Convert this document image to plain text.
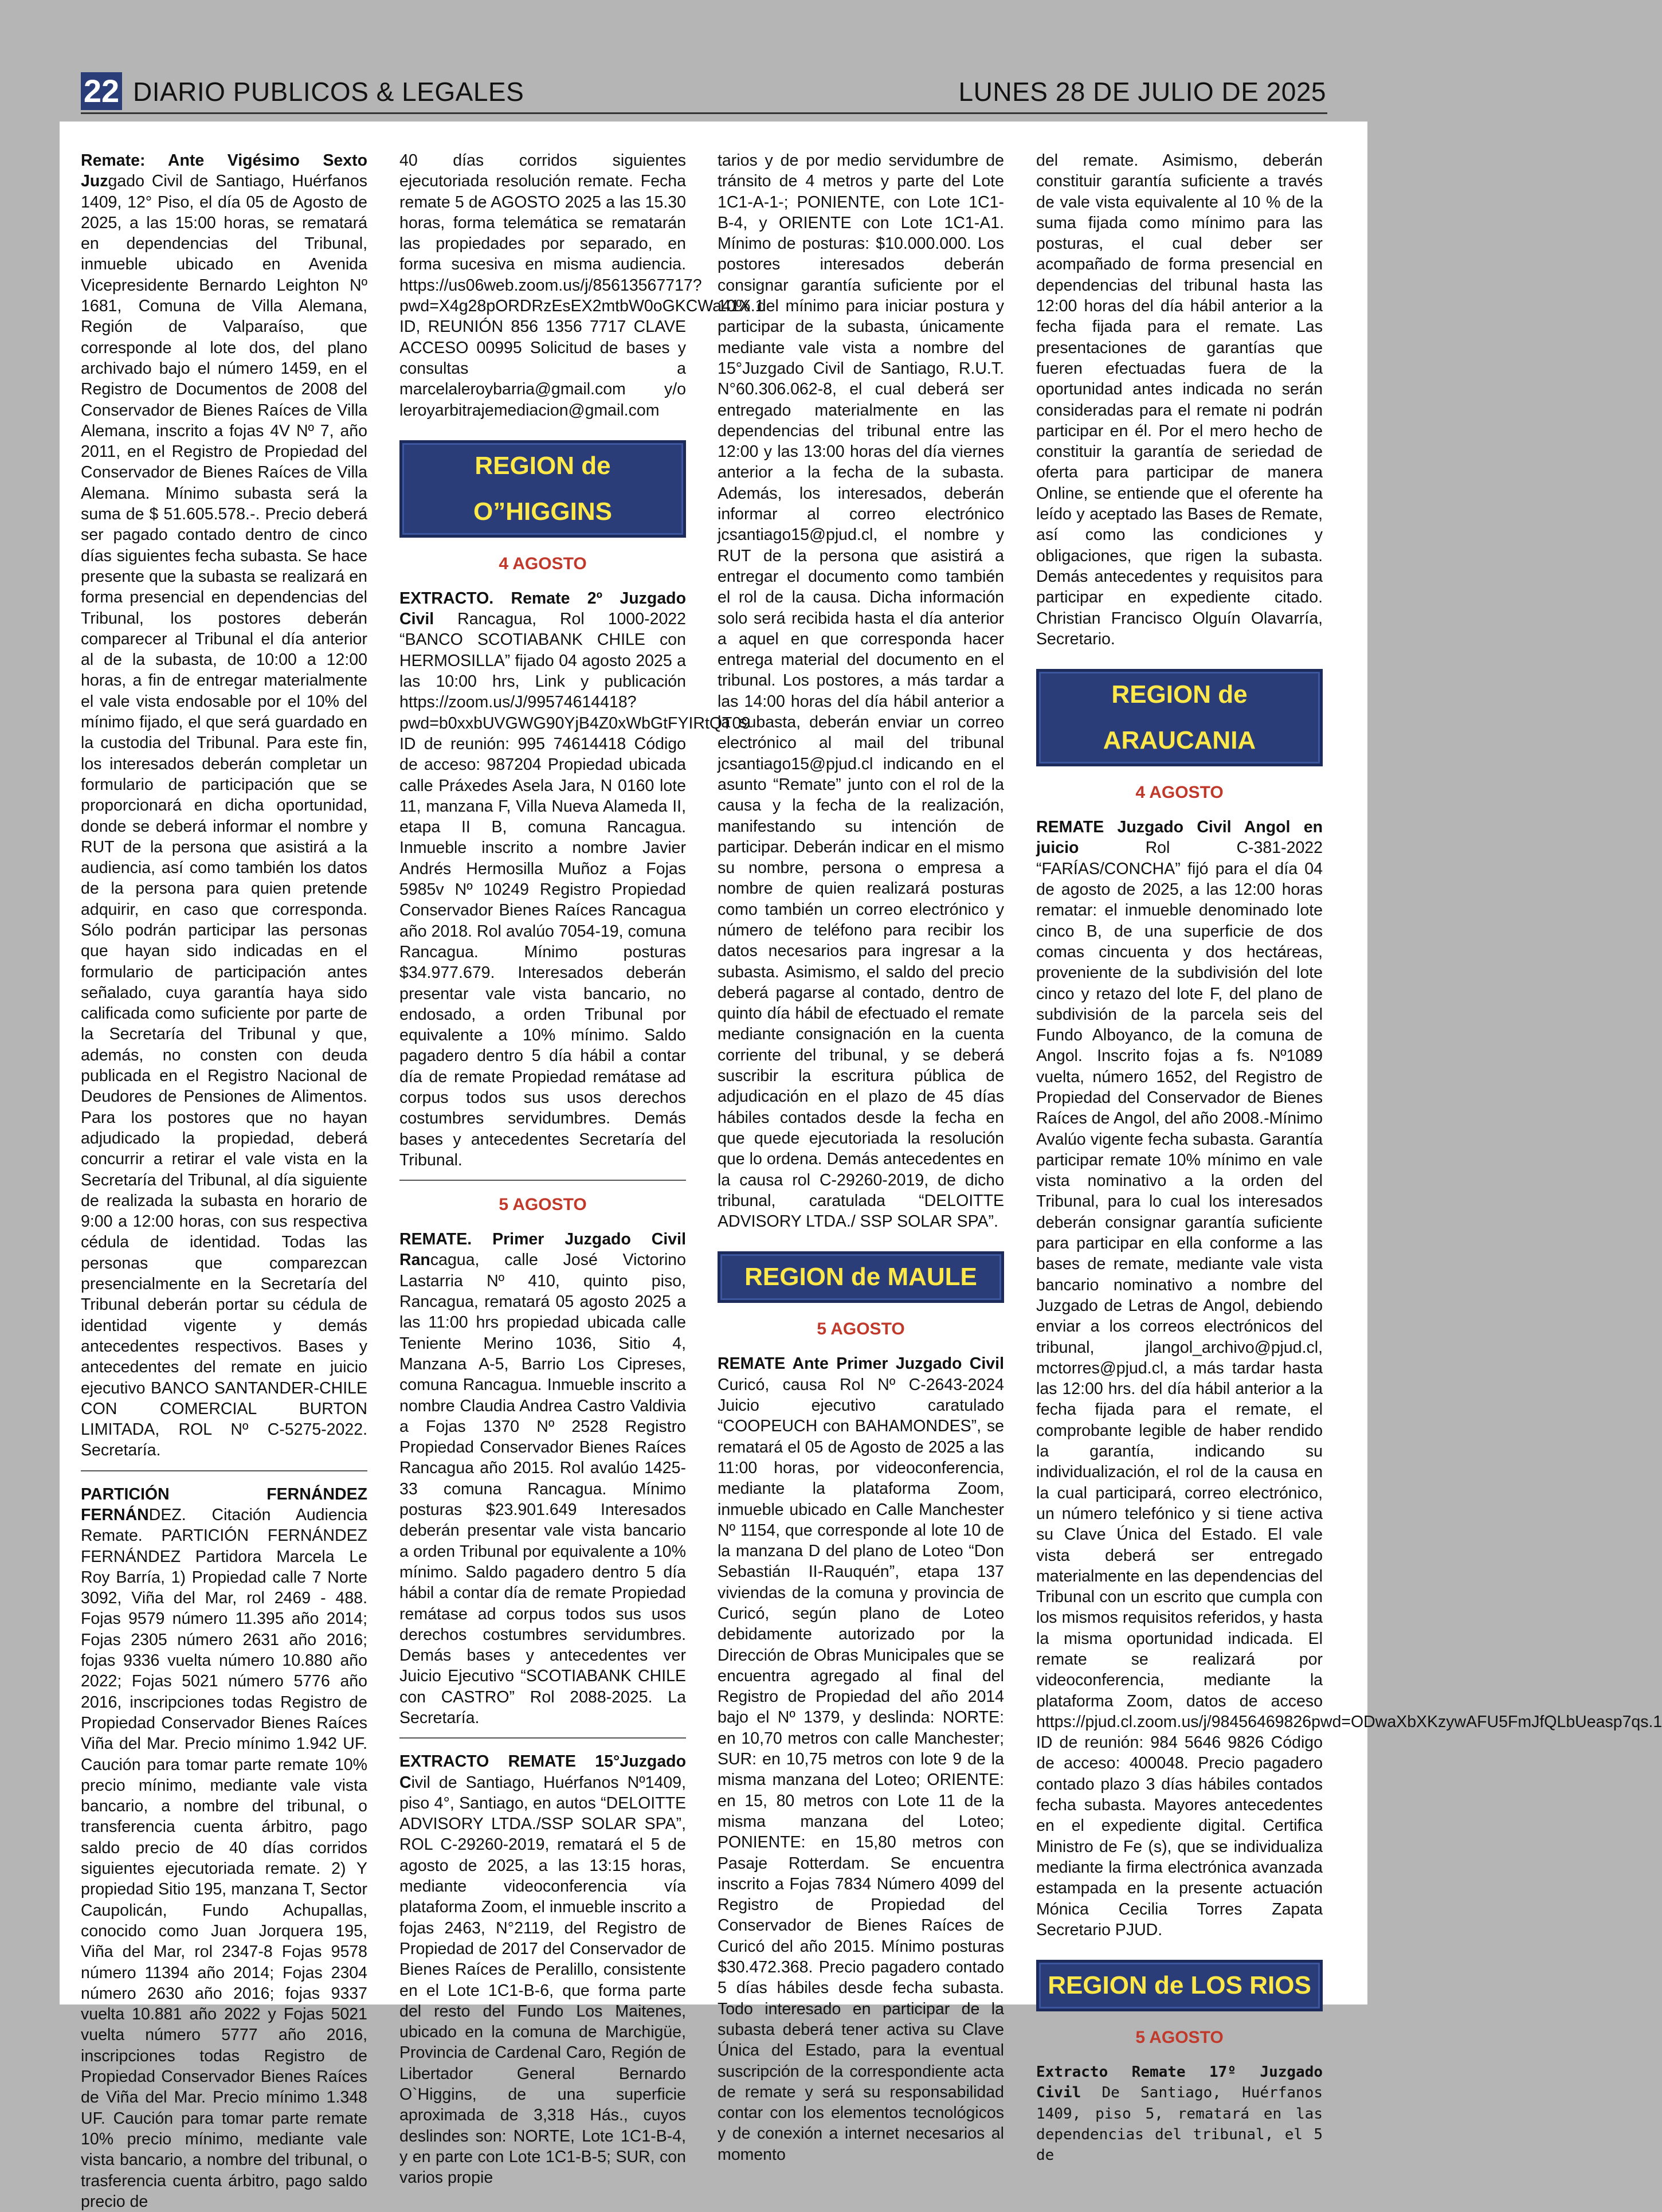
22 DIARIO PUBLICOS & LEGALES	LUNES 28 DE JULIO DE 2025

Remate: Ante Vigésimo Sexto Juzgado Civil de Santiago, Huérfanos 1409, 12° Piso, el día 05 de Agosto de 2025, a las 15:00 horas, se rematará en dependencias del Tribunal, inmueble ubicado en Avenida Vicepresidente Bernardo Leighton Nº 1681, Comuna de Villa Alemana, Región de Valparaíso, que corresponde al lote dos, del plano archivado bajo el número 1459, en el Registro de Documentos de 2008 del Conservador de Bienes Raíces de Villa Alemana, inscrito a fojas 4V Nº 7, año 2011, en el Registro de Propiedad del Conservador de Bienes Raíces de Villa Alemana. Mínimo subasta será la suma de $ 51.605.578.-. Precio deberá ser pagado contado dentro de cinco días siguientes fecha subasta. Se hace presente que la subasta se realizará en forma presencial en dependencias del Tribunal, los postores deberán comparecer al Tribunal el día anterior al de la subasta, de 10:00 a 12:00 horas, a fin de entregar materialmente el vale vista endosable por el 10% del mínimo fijado, el que será guardado en la custodia del Tribunal. Para este fin, los interesados deberán completar un formulario de participación que se proporcionará en dicha oportunidad, donde se deberá informar el nombre y RUT de la persona que asistirá a la audiencia, así como también los datos de la persona para quien pretende adquirir, en caso que corresponda. Sólo podrán participar las personas que hayan sido indicadas en el formulario de participación antes señalado, cuya garantía haya sido calificada como suficiente por parte de la Secretaría del Tribunal y que, además, no consten con deuda publicada en el Registro Nacional de Deudores de Pensiones de Alimentos. Para los postores que no hayan adjudicado la propiedad, deberá concurrir a retirar el vale vista en la Secretaría del Tribunal, al día siguiente de realizada la subasta en horario de 9:00 a 12:00 horas, con sus respectiva cédula de identidad. Todas las personas que comparezcan presencialmente en la Secretaría del Tribunal deberán portar su cédula de identidad vigente y demás antecedentes respectivos. Bases y antecedentes del remate en juicio ejecutivo BANCO SANTANDER-CHILE CON COMERCIAL BURTON LIMITADA, ROL Nº C-5275-2022. Secretaría.

PARTICIÓN FERNÁNDEZ FERNÁNDEZ. Citación Audiencia Remate. PARTICIÓN FERNÁNDEZ FERNÁNDEZ Partidora Marcela Le Roy Barría, 1) Propiedad calle 7 Norte 3092, Viña del Mar, rol 2469 - 488. Fojas 9579 número 11.395 año 2014; Fojas 2305 número 2631 año 2016; fojas 9336 vuelta número 10.880 año 2022; Fojas 5021 número 5776 año 2016, inscripciones todas Registro de Propiedad Conservador Bienes Raíces Viña del Mar. Precio mínimo 1.942 UF. Caución para tomar parte remate 10% precio mínimo, mediante vale vista bancario, a nombre del tribunal, o transferencia cuenta árbitro, pago saldo precio de 40 días corridos siguientes ejecutoriada remate. 2) Y propiedad Sitio 195, manzana T, Sector Caupolicán, Fundo Achupallas, conocido como Juan Jorquera 195, Viña del Mar, rol 2347-8 Fojas 9578 número 11394 año 2014; Fojas 2304 número 2630 año 2016; fojas 9337 vuelta 10.881 año 2022 y Fojas 5021 vuelta número 5777 año 2016, inscripciones todas Registro de Propiedad Conservador Bienes Raíces de Viña del Mar. Precio mínimo 1.348 UF. Caución para tomar parte remate 10% precio mínimo, mediante vale vista bancario, a nombre del tribunal, o trasferencia cuenta árbitro, pago saldo precio de

40 días corridos siguientes ejecutoriada resolución remate. Fecha remate 5 de AGOSTO 2025 a las 15.30 horas, forma telemática se rematarán las propiedades por separado, en forma sucesiva en misma audiencia. https://us06web.zoom.us/j/85613567717?pwd=X4g28pORDRzEsEX2mtbW0oGKCWa41X.1 ID, REUNIÓN 856 1356 7717 CLAVE ACCESO 00995 Solicitud de bases y consultas a marcelaleroybarria@gmail.com y/o leroyarbitrajemediacion@gmail.com

REGION de O”HIGGINS
4 AGOSTO

EXTRACTO. Remate 2º Juzgado Civil Rancagua, Rol 1000-2022 “BANCO SCOTIABANK CHILE con HERMOSILLA” fijado 04 agosto 2025 a las 10:00 hrs, Link y publicación https://zoom.us/J/99574614418?pwd=b0xxbUVGWG90YjB4Z0xWbGtFYIRtQT09 ID de reunión: 995 74614418 Código de acceso: 987204 Propiedad ubicada calle Práxedes Asela Jara, N 0160 lote 11, manzana F, Villa Nueva Alameda II, etapa II B, comuna Rancagua. Inmueble inscrito a nombre Javier Andrés Hermosilla Muñoz a Fojas 5985v Nº 10249 Registro Propiedad Conservador Bienes Raíces Rancagua año 2018. Rol avalúo 7054-19, comuna Rancagua. Mínimo posturas $34.977.679. Interesados deberán presentar vale vista bancario, no endosado, a orden Tribunal por equivalente a 10% mínimo. Saldo pagadero dentro 5 día hábil a contar día de remate Propiedad remátase ad corpus todos sus usos derechos costumbres servidumbres. Demás bases y antecedentes Secretaría del Tribunal.

5 AGOSTO

REMATE. Primer Juzgado Civil Rancagua, calle José Victorino Lastarria Nº 410, quinto piso, Rancagua, rematará 05 agosto 2025 a las 11:00 hrs propiedad ubicada calle Teniente Merino 1036, Sitio 4, Manzana A-5, Barrio Los Cipreses, comuna Rancagua. Inmueble inscrito a nombre Claudia Andrea Castro Valdivia a Fojas 1370 Nº 2528 Registro Propiedad Conservador Bienes Raíces Rancagua año 2015. Rol avalúo 1425-33 comuna Rancagua. Mínimo posturas $23.901.649 Interesados deberán presentar vale vista bancario a orden Tribunal por equivalente a 10% mínimo. Saldo pagadero dentro 5 día hábil a contar día de remate Propiedad remátase ad corpus todos sus usos derechos costumbres servidumbres. Demás bases y antecedentes ver Juicio Ejecutivo “SCOTIABANK CHILE con CASTRO” Rol 2088-2025. La Secretaría.

EXTRACTO REMATE 15°Juzgado Civil de Santiago, Huérfanos Nº1409, piso 4°, Santiago, en autos “DELOITTE ADVISORY LTDA./SSP SOLAR SPA”, ROL C-29260-2019, rematará el 5 de agosto de 2025, a las 13:15 horas, mediante videoconferencia vía plataforma Zoom, el inmueble inscrito a fojas 2463, N°2119, del Registro de Propiedad de 2017 del Conservador de Bienes Raíces de Peralillo, consistente en el Lote 1C1-B-6, que forma parte del resto del Fundo Los Maitenes, ubicado en la comuna de Marchigüe, Provincia de Cardenal Caro, Región de Libertador General Bernardo O`Higgins, de una superficie aproximada de 3,318 Hás., cuyos deslindes son: NORTE, Lote 1C1-B-4, y en parte con Lote 1C1-B-5; SUR, con varios propie

tarios y de por medio servidumbre de tránsito de 4 metros y parte del Lote 1C1-A-1-; PONIENTE, con Lote 1C1-B-4, y ORIENTE con Lote 1C1-A1. Mínimo de posturas: $10.000.000. Los postores interesados deberán consignar garantía suficiente por el 10% del mínimo para iniciar postura y participar de la subasta, únicamente mediante vale vista a nombre del 15°Juzgado Civil de Santiago, R.U.T. N°60.306.062-8, el cual deberá ser entregado materialmente en las dependencias del tribunal entre las 12:00 y las 13:00 horas del día viernes anterior a la fecha de la subasta. Además, los interesados, deberán informar al correo electrónico jcsantiago15@pjud.cl, el nombre y RUT de la persona que asistirá a entregar el documento como también el rol de la causa. Dicha información solo será recibida hasta el día anterior a aquel en que corresponda hacer entrega material del documento en el tribunal. Los postores, a más tardar a las 14:00 horas del día hábil anterior a la subasta, deberán enviar un correo electrónico al mail del tribunal jcsantiago15@pjud.cl indicando en el asunto “Remate” junto con el rol de la causa y la fecha de la realización, manifestando su intención de participar. Deberán indicar en el mismo su nombre, persona o empresa a nombre de quien realizará posturas como también un correo electrónico y número de teléfono para recibir los datos necesarios para ingresar a la subasta. Asimismo, el saldo del precio deberá pagarse al contado, dentro de quinto día hábil de efectuado el remate mediante consignación en la cuenta corriente del tribunal, y se deberá suscribir la escritura pública de adjudicación en el plazo de 45 días hábiles contados desde la fecha en que quede ejecutoriada la resolución que lo ordena. Demás antecedentes en la causa rol C-29260-2019, de dicho tribunal, caratulada “DELOITTE ADVISORY LTDA./ SSP SOLAR SPA”.

REGION de MAULE
5 AGOSTO

REMATE Ante Primer Juzgado Civil Curicó, causa Rol Nº C-2643-2024 Juicio ejecutivo caratulado “COOPEUCH con BAHAMONDES”, se rematará el 05 de Agosto de 2025 a las 11:00 horas, por videoconferencia, mediante la plataforma Zoom, inmueble ubicado en Calle Manchester Nº 1154, que corresponde al lote 10 de la manzana D del plano de Loteo “Don Sebastián II-Rauquén”, etapa 137 viviendas de la comuna y provincia de Curicó, según plano de Loteo debidamente autorizado por la Dirección de Obras Municipales que se encuentra agregado al final del Registro de Propiedad del año 2014 bajo el Nº 1379, y deslinda: NORTE: en 10,70 metros con calle Manchester; SUR: en 10,75 metros con lote 9 de la misma manzana del Loteo; ORIENTE: en 15, 80 metros con Lote 11 de la misma manzana del Loteo; PONIENTE: en 15,80 metros con Pasaje Rotterdam. Se encuentra inscrito a Fojas 7834 Número 4099 del Registro de Propiedad del Conservador de Bienes Raíces de Curicó del año 2015. Mínimo posturas $30.472.368. Precio pagadero contado 5 días hábiles desde fecha subasta. Todo interesado en participar de la subasta deberá tener activa su Clave Única del Estado, para la eventual suscripción de la correspondiente acta de remate y será su responsabilidad contar con los elementos tecnológicos y de conexión a internet necesarios al momento

del remate. Asimismo, deberán constituir garantía suficiente a través de vale vista equivalente al 10 % de la suma fijada como mínimo para las posturas, el cual deber ser acompañado de forma presencial en dependencias del tribunal hasta las 12:00 horas del día hábil anterior a la fecha fijada para el remate. Las presentaciones de garantías que fueren efectuadas fuera de la oportunidad antes indicada no serán consideradas para el remate ni podrán participar en él. Por el mero hecho de constituir la garantía de seriedad de oferta para participar de manera Online, se entiende que el oferente ha leído y aceptado las Bases de Remate, así como las condiciones y obligaciones, que rigen la subasta. Demás antecedentes y requisitos para participar en expediente citado. Christian Francisco Olguín Olavarría, Secretario.

REGION de ARAUCANIA
4 AGOSTO

REMATE Juzgado Civil Angol en juicio Rol C-381-2022 “FARÍAS/CONCHA” fijó para el día 04 de agosto de 2025, a las 12:00 horas rematar: el inmueble denominado lote cinco B, de una superficie de dos comas cincuenta y dos hectáreas, proveniente de la subdivisión del lote cinco y retazo del lote F, del plano de subdivisión de la parcela seis del Fundo Alboyanco, de la comuna de Angol. Inscrito fojas a fs. Nº1089 vuelta, número 1652, del Registro de Propiedad del Conservador de Bienes Raíces de Angol, del año 2008.-Mínimo Avalúo vigente fecha subasta. Garantía participar remate 10% mínimo en vale vista nominativo a la orden del Tribunal, para lo cual los interesados deberán consignar garantía suficiente para participar en ella conforme a las bases de remate, mediante vale vista bancario nominativo a nombre del Juzgado de Letras de Angol, debiendo enviar a los correos electrónicos del tribunal, jlangol_archivo@pjud.cl, mctorres@pjud.cl, a más tardar hasta las 12:00 hrs. del día hábil anterior a la fecha fijada para el remate, el comprobante legible de haber rendido la garantía, indicando su individualización, el rol de la causa en la cual participará, correo electrónico, un número telefónico y si tiene activa su Clave Única del Estado. El vale vista deberá ser entregado materialmente en las dependencias del Tribunal con un escrito que cumpla con los mismos requisitos referidos, y hasta la misma oportunidad indicada. El remate se realizará por videoconferencia, mediante la plataforma Zoom, datos de acceso https://pjud.cl.zoom.us/j/98456469826pwd=ODwaXbXKzywAFU5FmJfQLbUeasp7qs.1 ID de reunión: 984 5646 9826 Código de acceso: 400048. Precio pagadero contado plazo 3 días hábiles contados fecha subasta. Mayores antecedentes en el expediente digital. Certifica Ministro de Fe (s), que se individualiza mediante la firma electrónica avanzada estampada en la presente actuación Mónica Cecilia Torres Zapata Secretario PJUD.

REGION de LOS RIOS
5 AGOSTO

Extracto Remate 17º Juzgado Civil De Santiago, Huérfanos 1409, piso 5, rematará en las dependencias del tribunal, el 5 de
